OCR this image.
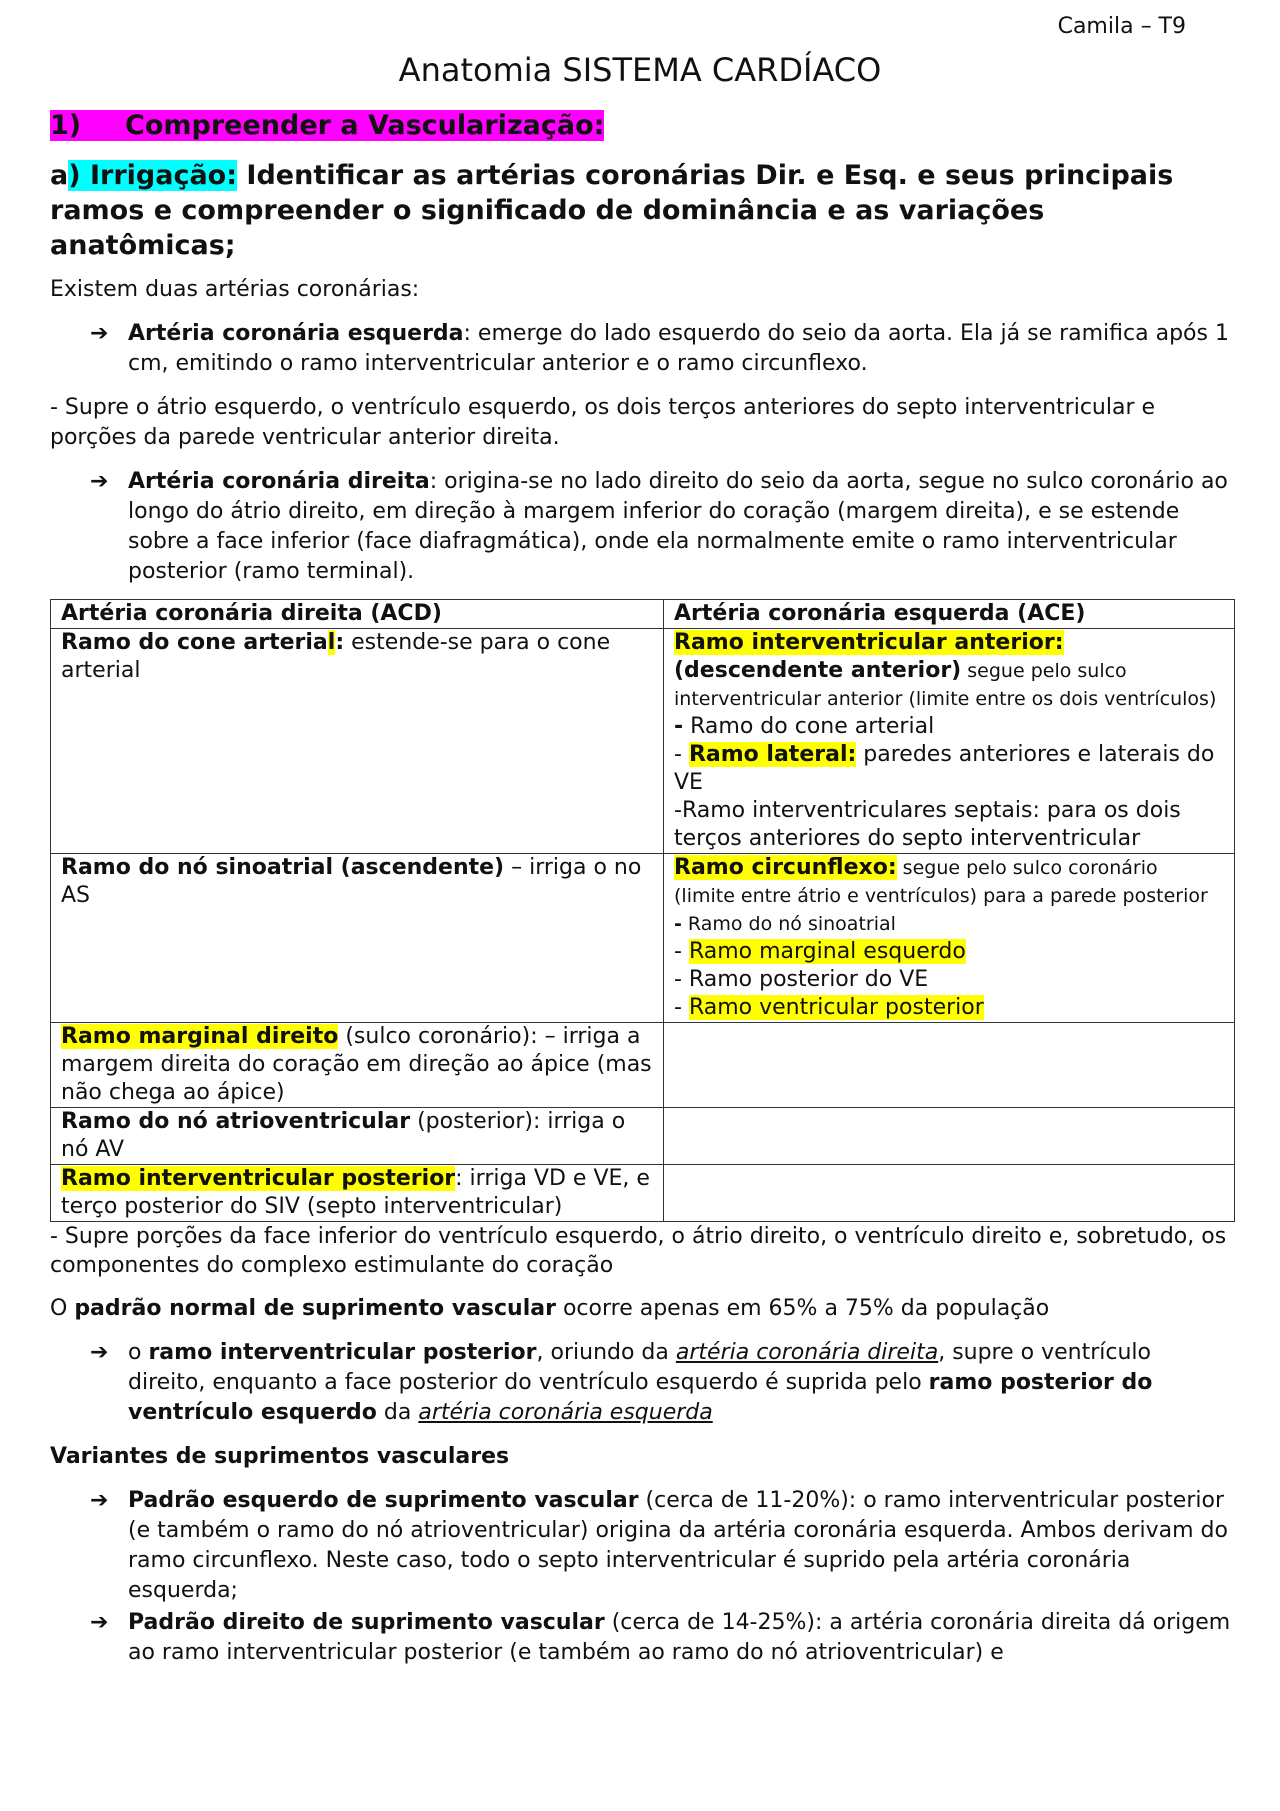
Camila – T9
Anatomia SISTEMA CARDÍACO
1) Compreender a Vascularização:
a) Irrigação: Identificar as artérias coronárias Dir. e Esq. e seus principais ramos e compreender o significado de dominância e as variações anatômicas;

Existem duas artérias coronárias:

➔ Artéria coronária esquerda: emerge do lado esquerdo do seio da aorta. Ela já se ramifica após 1 cm, emitindo o ramo interventricular anterior e o ramo circunflexo.

- Supre o átrio esquerdo, o ventrículo esquerdo, os dois terços anteriores do septo interventricular e porções da parede ventricular anterior direita.

➔ Artéria coronária direita: origina-se no lado direito do seio da aorta, segue no sulco coronário ao longo do átrio direito, em direção à margem inferior do coração (margem direita), e se estende sobre a face inferior (face diafragmática), onde ela normalmente emite o ramo interventricular posterior (ramo terminal).
Artéria coronária direita (ACD)	Artéria coronária esquerda (ACE)
Ramo do cone arterial: estende-se para o cone arterial	Ramo interventricular anterior:
(descendente anterior) segue pelo sulco interventricular anterior (limite entre os dois ventrículos)
- Ramo do cone arterial
- Ramo lateral: paredes anteriores e laterais do VE
-Ramo interventriculares septais: para os dois terços anteriores do septo interventricular
Ramo do nó sinoatrial (ascendente) – irriga o no AS	Ramo circunflexo: segue pelo sulco coronário (limite entre átrio e ventrículos) para a parede posterior
- Ramo do nó sinoatrial
- Ramo marginal esquerdo
- Ramo posterior do VE
- Ramo ventricular posterior
Ramo marginal direito (sulco coronário): – irriga a margem direita do coração em direção ao ápice (mas não chega ao ápice)	
Ramo do nó atrioventricular (posterior): irriga o nó AV	
Ramo interventricular posterior: irriga VD e VE, e terço posterior do SIV (septo interventricular)	

- Supre porções da face inferior do ventrículo esquerdo, o átrio direito, o ventrículo direito e, sobretudo, os componentes do complexo estimulante do coração

O padrão normal de suprimento vascular ocorre apenas em 65% a 75% da população

➔ o ramo interventricular posterior, oriundo da artéria coronária direita, supre o ventrículo direito, enquanto a face posterior do ventrículo esquerdo é suprida pelo ramo posterior do ventrículo esquerdo da artéria coronária esquerda

Variantes de suprimentos vasculares

➔ Padrão esquerdo de suprimento vascular (cerca de 11-20%): o ramo interventricular posterior (e também o ramo do nó atrioventricular) origina da artéria coronária esquerda. Ambos derivam do ramo circunflexo. Neste caso, todo o septo interventricular é suprido pela artéria coronária esquerda;
➔ Padrão direito de suprimento vascular (cerca de 14-25%): a artéria coronária direita dá origem ao ramo interventricular posterior (e também ao ramo do nó atrioventricular) e
